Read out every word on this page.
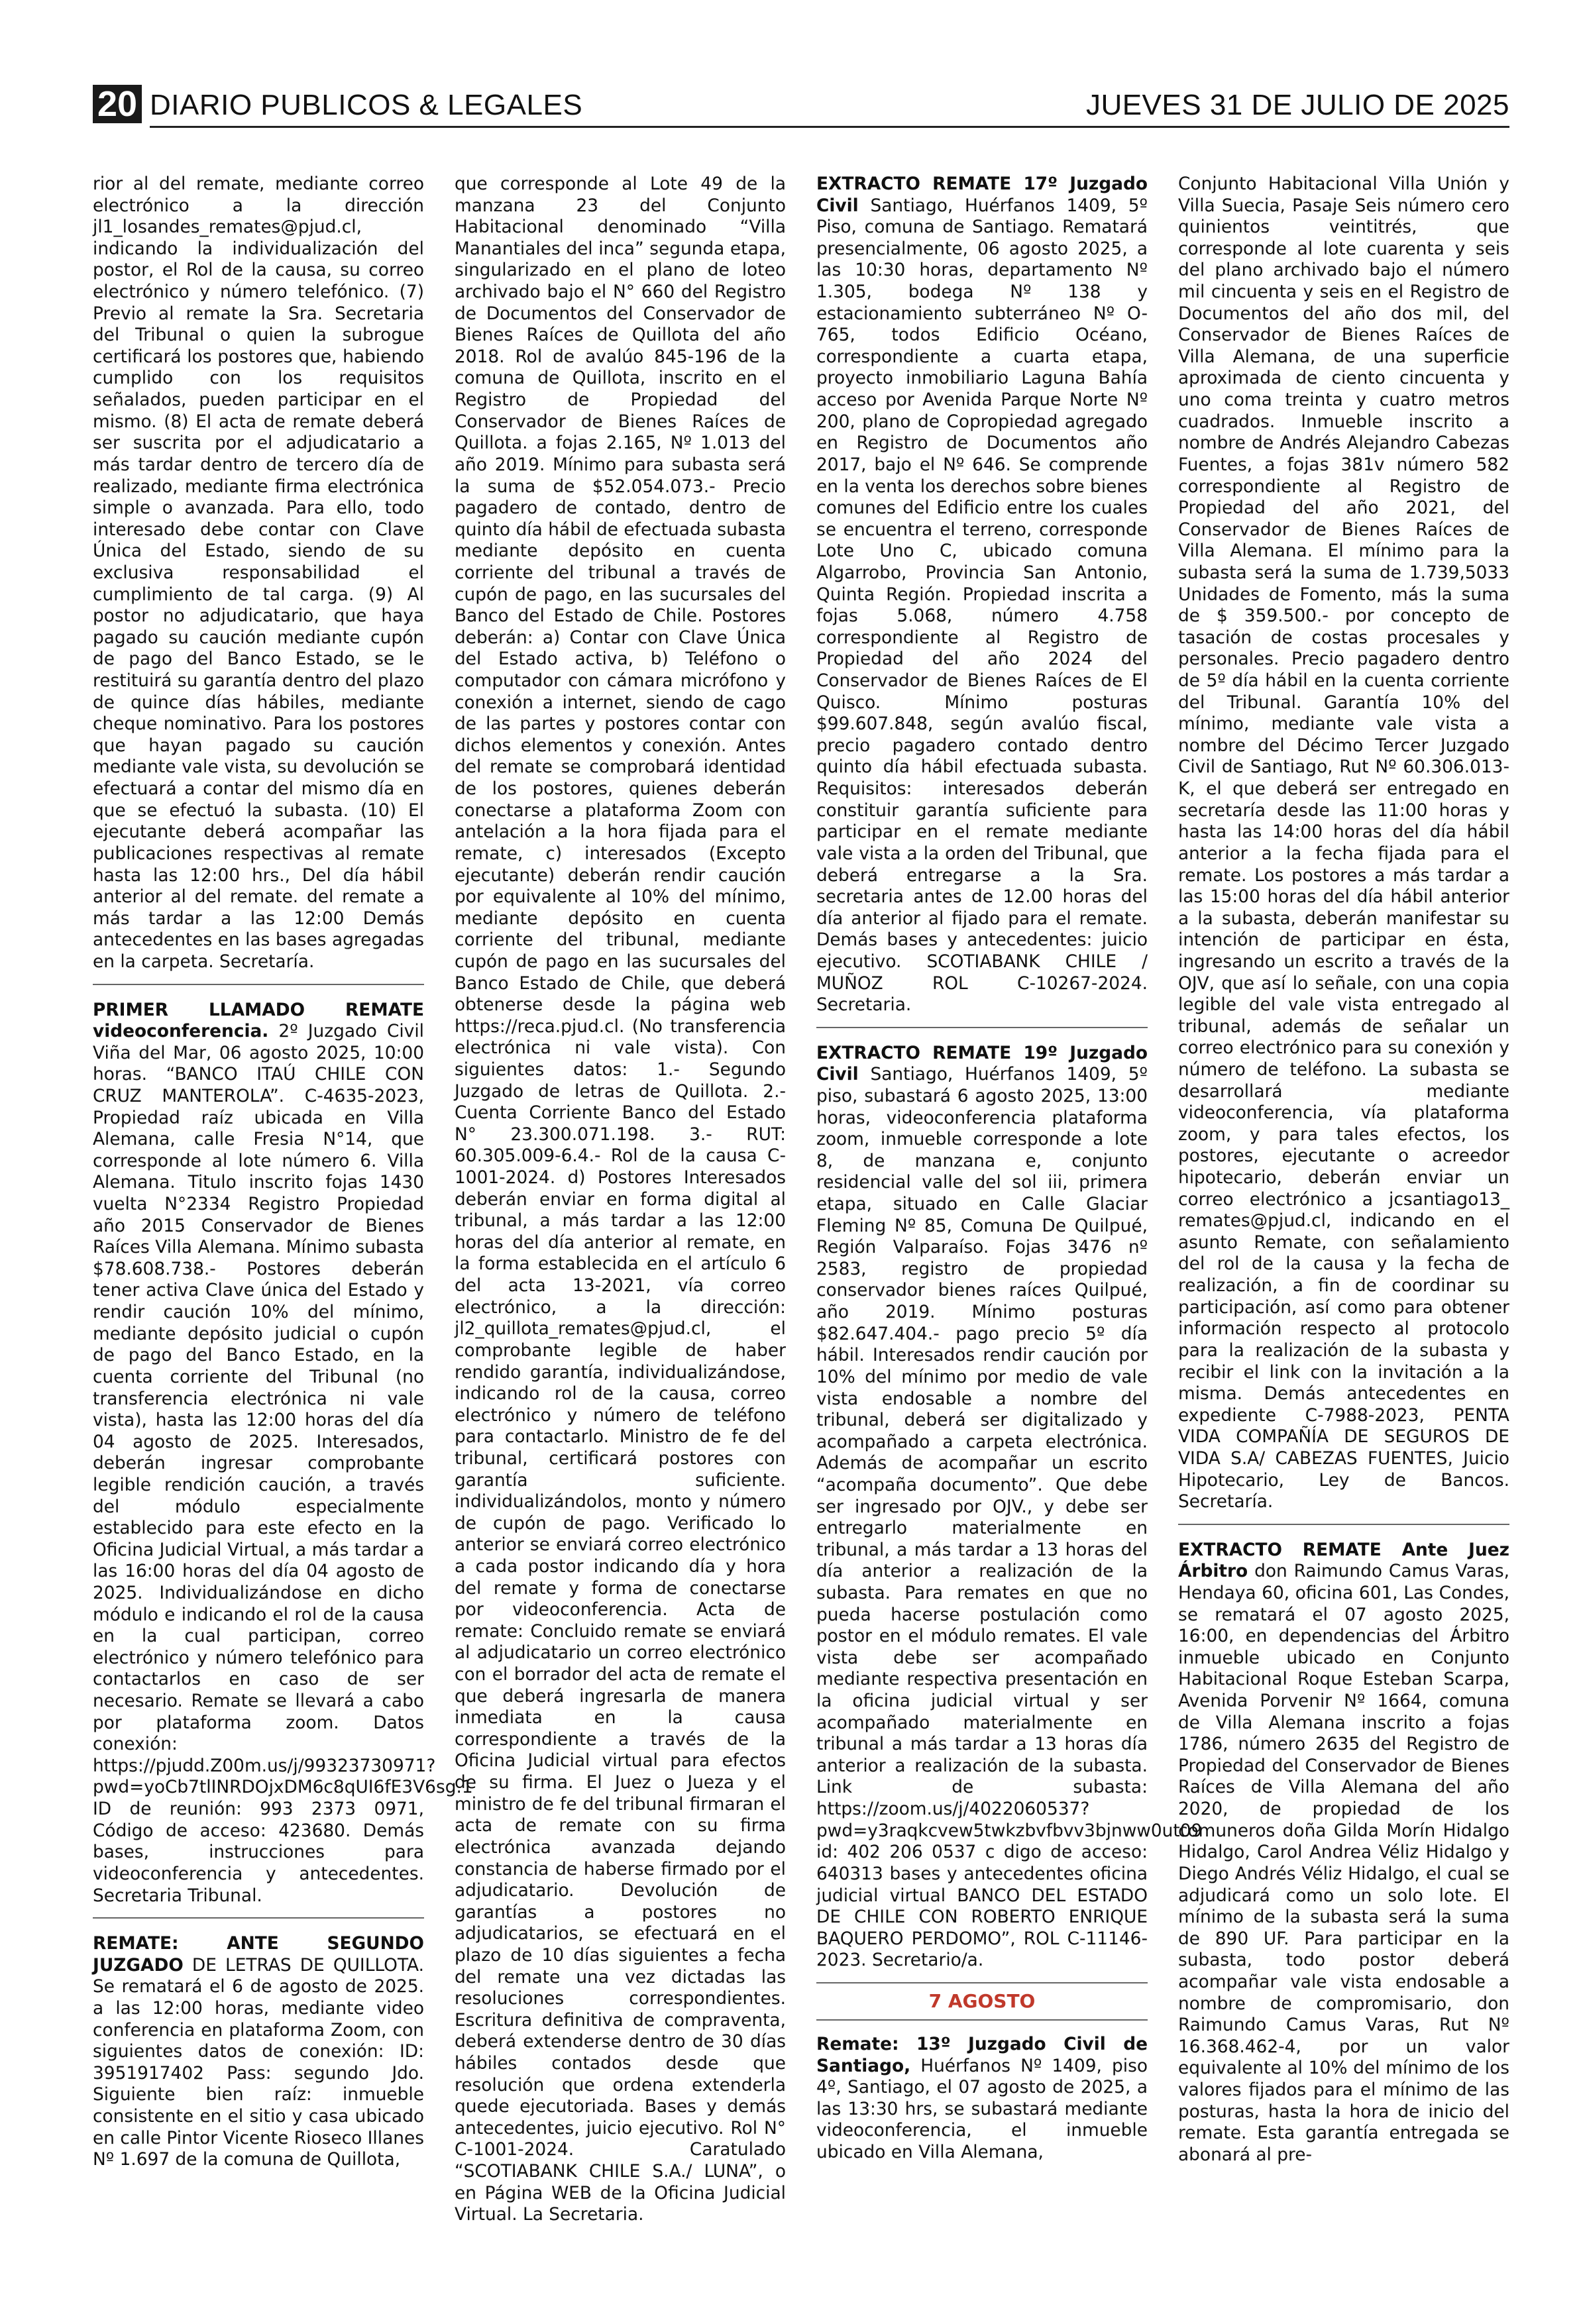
20 DIARIO PUBLICOS & LEGALES	JUEVES 31 DE JULIO DE 2025

rior al del remate, mediante correo electrónico a la dirección jl1_losandes_remates@pjud.cl, indicando la individualización del postor, el Rol de la causa, su correo electrónico y número telefónico. (7) Previo al remate la Sra. Secretaria del Tribunal o quien la subrogue certificará los postores que, habiendo cumplido con los requisitos señalados, pueden participar en el mismo. (8) El acta de remate deberá ser suscrita por el adjudicatario a más tardar dentro de tercero día de realizado, mediante firma electrónica simple o avanzada. Para ello, todo interesado debe contar con Clave Única del Estado, siendo de su exclusiva responsabilidad el cumplimiento de tal carga. (9) Al postor no adjudicatario, que haya pagado su caución mediante cupón de pago del Banco Estado, se le restituirá su garantía dentro del plazo de quince días hábiles, mediante cheque nominativo. Para los postores que hayan pagado su caución mediante vale vista, su devolución se efectuará a contar del mismo día en que se efectuó la subasta. (10) El ejecutante deberá acompañar las publicaciones respectivas al remate hasta las 12:00 hrs., Del día hábil anterior al del remate. del remate a más tardar a las 12:00 Demás antecedentes en las bases agregadas en la carpeta. Secretaría.

PRIMER LLAMADO REMATE videoconferencia. 2º Juzgado Civil Viña del Mar, 06 agosto 2025, 10:00 horas. “BANCO ITAÚ CHILE CON CRUZ MANTEROLA”. C-4635-2023, Propiedad raíz ubicada en Villa Alemana, calle Fresia N°14, que corresponde al lote número 6. Villa Alemana. Titulo inscrito fojas 1430 vuelta N°2334 Registro Propiedad año 2015 Conservador de Bienes Raíces Villa Alemana. Mínimo subasta $78.608.738.- Postores deberán tener activa Clave única del Estado y rendir caución 10% del mínimo, mediante depósito judicial o cupón de pago del Banco Estado, en la cuenta corriente del Tribunal (no transferencia electrónica ni vale vista), hasta las 12:00 horas del día 04 agosto de 2025. Interesados, deberán ingresar comprobante legible rendición caución, a través del módulo especialmente establecido para este efecto en la Oficina Judicial Virtual, a más tardar a las 16:00 horas del día 04 agosto de 2025. Individualizándose en dicho módulo e indicando el rol de la causa en la cual participan, correo electrónico y número telefónico para contactarlos en caso de ser necesario. Remate se llevará a cabo por plataforma zoom. Datos conexión: https://pjudd.Z00m.us/j/99323730971?pwd=yoCb7tlINRDOjxDM6c8qUI6fE3V6sg.1 ID de reunión: 993 2373 0971, Código de acceso: 423680. Demás bases, instrucciones para videoconferencia y antecedentes. Secretaria Tribunal.

REMATE: ANTE SEGUNDO JUZGADO DE LETRAS DE QUILLOTA. Se rematará el 6 de agosto de 2025. a las 12:00 horas, mediante video conferencia en plataforma Zoom, con siguientes datos de conexión: ID: 3951917402 Pass: segundo Jdo. Siguiente bien raíz: inmueble consistente en el sitio y casa ubicado en calle Pintor Vicente Rioseco Illanes Nº 1.697 de la comuna de Quillota,

que corresponde al Lote 49 de la manzana 23 del Conjunto Habitacional denominado “Villa Manantiales del inca” segunda etapa, singularizado en el plano de loteo archivado bajo el N° 660 del Registro de Documentos del Conservador de Bienes Raíces de Quillota del año 2018. Rol de avalúo 845-196 de la comuna de Quillota, inscrito en el Registro de Propiedad del Conservador de Bienes Raíces de Quillota. a fojas 2.165, Nº 1.013 del año 2019. Mínimo para subasta será la suma de $52.054.073.- Precio pagadero de contado, dentro de quinto día hábil de efectuada subasta mediante depósito en cuenta corriente del tribunal a través de cupón de pago, en las sucursales del Banco del Estado de Chile. Postores deberán: a) Contar con Clave Única del Estado activa, b) Teléfono o computador con cámara micrófono y conexión a internet, siendo de cago de las partes y postores contar con dichos elementos y conexión. Antes del remate se comprobará identidad de los postores, quienes deberán conectarse a plataforma Zoom con antelación a la hora fijada para el remate, c) interesados (Excepto ejecutante) deberán rendir caución por equivalente al 10% del mínimo, mediante depósito en cuenta corriente del tribunal, mediante cupón de pago en las sucursales del Banco Estado de Chile, que deberá obtenerse desde la página web https://reca.pjud.cl. (No transferencia electrónica ni vale vista). Con siguientes datos: 1.- Segundo Juzgado de letras de Quillota. 2.- Cuenta Corriente Banco del Estado N° 23.300.071.198. 3.- RUT: 60.305.009-6.4.- Rol de la causa C-1001-2024. d) Postores Interesados deberán enviar en forma digital al tribunal, a más tardar a las 12:00 horas del día anterior al remate, en la forma establecida en el artículo 6 del acta 13-2021, vía correo electrónico, a la dirección: jl2_quillota_remates@pjud.cl, el comprobante legible de haber rendido garantía, individualizándose, indicando rol de la causa, correo electrónico y número de teléfono para contactarlo. Ministro de fe del tribunal, certificará postores con garantía suficiente. individualizándolos, monto y número de cupón de pago. Verificado lo anterior se enviará correo electrónico a cada postor indicando día y hora del remate y forma de conectarse por videoconferencia. Acta de remate: Concluido remate se enviará al adjudicatario un correo electrónico con el borrador del acta de remate el que deberá ingresarla de manera inmediata en la causa correspondiente a través de la Oficina Judicial virtual para efectos de su firma. El Juez o Jueza y el ministro de fe del tribunal firmaran el acta de remate con su firma electrónica avanzada dejando constancia de haberse firmado por el adjudicatario. Devolución de garantías a postores no adjudicatarios, se efectuará en el plazo de 10 días siguientes a fecha del remate una vez dictadas las resoluciones correspondientes. Escritura definitiva de compraventa, deberá extenderse dentro de 30 días hábiles contados desde que resolución que ordena extenderla quede ejecutoriada. Bases y demás antecedentes, juicio ejecutivo. Rol N° C-1001-2024. Caratulado “SCOTIABANK CHILE S.A./ LUNA”, o en Página WEB de la Oficina Judicial Virtual. La Secretaria.

EXTRACTO REMATE 17º Juzgado Civil Santiago, Huérfanos 1409, 5º Piso, comuna de Santiago. Rematará presencialmente, 06 agosto 2025, a las 10:30 horas, departamento Nº 1.305, bodega Nº 138 y estacionamiento subterráneo Nº O-765, todos Edificio Océano, correspondiente a cuarta etapa, proyecto inmobiliario Laguna Bahía acceso por Avenida Parque Norte Nº 200, plano de Copropiedad agregado en Registro de Documentos año 2017, bajo el Nº 646. Se comprende en la venta los derechos sobre bienes comunes del Edificio entre los cuales se encuentra el terreno, corresponde Lote Uno C, ubicado comuna Algarrobo, Provincia San Antonio, Quinta Región. Propiedad inscrita a fojas 5.068, número 4.758 correspondiente al Registro de Propiedad del año 2024 del Conservador de Bienes Raíces de El Quisco. Mínimo posturas $99.607.848, según avalúo fiscal, precio pagadero contado dentro quinto día hábil efectuada subasta. Requisitos: interesados deberán constituir garantía suficiente para participar en el remate mediante vale vista a la orden del Tribunal, que deberá entregarse a la Sra. secretaria antes de 12.00 horas del día anterior al fijado para el remate. Demás bases y antecedentes: juicio ejecutivo. SCOTIABANK CHILE / MUÑOZ ROL C-10267-2024. Secretaria.

EXTRACTO REMATE 19º Juzgado Civil Santiago, Huérfanos 1409, 5º piso, subastará 6 agosto 2025, 13:00 horas, videoconferencia plataforma zoom, inmueble corresponde a lote 8, de manzana e, conjunto residencial valle del sol iii, primera etapa, situado en Calle Glaciar Fleming Nº 85, Comuna De Quilpué, Región Valparaíso. Fojas 3476 nº 2583, registro de propiedad conservador bienes raíces Quilpué, año 2019. Mínimo posturas $82.647.404.- pago precio 5º día hábil. Interesados rendir caución por 10% del mínimo por medio de vale vista endosable a nombre del tribunal, deberá ser digitalizado y acompañado a carpeta electrónica. Además de acompañar un escrito “acompaña documento”. Que debe ser ingresado por OJV., y debe ser entregarlo materialmente en tribunal, a más tardar a 13 horas del día anterior a realización de la subasta. Para remates en que no pueda hacerse postulación como postor en el módulo remates. El vale vista debe ser acompañado mediante respectiva presentación en la oficina judicial virtual y ser acompañado materialmente en tribunal a más tardar a 13 horas día anterior a realización de la subasta. Link de subasta: https://zoom.us/j/4022060537?pwd=y3raqkcvew5twkzbvfbvv3bjnww0ut09 id: 402 206 0537 c digo de acceso: 640313 bases y antecedentes oficina judicial virtual BANCO DEL ESTADO DE CHILE CON ROBERTO ENRIQUE BAQUERO PERDOMO”, ROL C-11146-2023. Secretario/a.

7 AGOSTO

Remate: 13º Juzgado Civil de Santiago, Huérfanos Nº 1409, piso 4º, Santiago, el 07 agosto de 2025, a las 13:30 hrs, se subastará mediante videoconferencia, el inmueble ubicado en Villa Alemana,

Conjunto Habitacional Villa Unión y Villa Suecia, Pasaje Seis número cero quinientos veintitrés, que corresponde al lote cuarenta y seis del plano archivado bajo el número mil cincuenta y seis en el Registro de Documentos del año dos mil, del Conservador de Bienes Raíces de Villa Alemana, de una superficie aproximada de ciento cincuenta y uno coma treinta y cuatro metros cuadrados. Inmueble inscrito a nombre de Andrés Alejandro Cabezas Fuentes, a fojas 381v número 582 correspondiente al Registro de Propiedad del año 2021, del Conservador de Bienes Raíces de Villa Alemana. El mínimo para la subasta será la suma de 1.739,5033 Unidades de Fomento, más la suma de $ 359.500.- por concepto de tasación de costas procesales y personales. Precio pagadero dentro de 5º día hábil en la cuenta corriente del Tribunal. Garantía 10% del mínimo, mediante vale vista a nombre del Décimo Tercer Juzgado Civil de Santiago, Rut Nº 60.306.013-K, el que deberá ser entregado en secretaría desde las 11:00 horas y hasta las 14:00 horas del día hábil anterior a la fecha fijada para el remate. Los postores a más tardar a las 15:00 horas del día hábil anterior a la subasta, deberán manifestar su intención de participar en ésta, ingresando un escrito a través de la OJV, que así lo señale, con una copia legible del vale vista entregado al tribunal, además de señalar un correo electrónico para su conexión y número de teléfono. La subasta se desarrollará mediante videoconferencia, vía plataforma zoom, y para tales efectos, los postores, ejecutante o acreedor hipotecario, deberán enviar un correo electrónico a jcsantiago13_ remates@pjud.cl, indicando en el asunto Remate, con señalamiento del rol de la causa y la fecha de realización, a fin de coordinar su participación, así como para obtener información respecto al protocolo para la realización de la subasta y recibir el link con la invitación a la misma. Demás antecedentes en expediente C-7988-2023, PENTA VIDA COMPAÑÍA DE SEGUROS DE VIDA S.A/ CABEZAS FUENTES, Juicio Hipotecario, Ley de Bancos. Secretaría.

EXTRACTO REMATE Ante Juez Árbitro don Raimundo Camus Varas, Hendaya 60, oficina 601, Las Condes, se rematará el 07 agosto 2025, 16:00, en dependencias del Árbitro inmueble ubicado en Conjunto Habitacional Roque Esteban Scarpa, Avenida Porvenir Nº 1664, comuna de Villa Alemana inscrito a fojas 1786, número 2635 del Registro de Propiedad del Conservador de Bienes Raíces de Villa Alemana del año 2020, de propiedad de los comuneros doña Gilda Morín Hidalgo Hidalgo, Carol Andrea Véliz Hidalgo y Diego Andrés Véliz Hidalgo, el cual se adjudicará como un solo lote. El mínimo de la subasta será la suma de 890 UF. Para participar en la subasta, todo postor deberá acompañar vale vista endosable a nombre de compromisario, don Raimundo Camus Varas, Rut Nº 16.368.462-4, por un valor equivalente al 10% del mínimo de los valores fijados para el mínimo de las posturas, hasta la hora de inicio del remate. Esta garantía entregada se abonará al pre-
